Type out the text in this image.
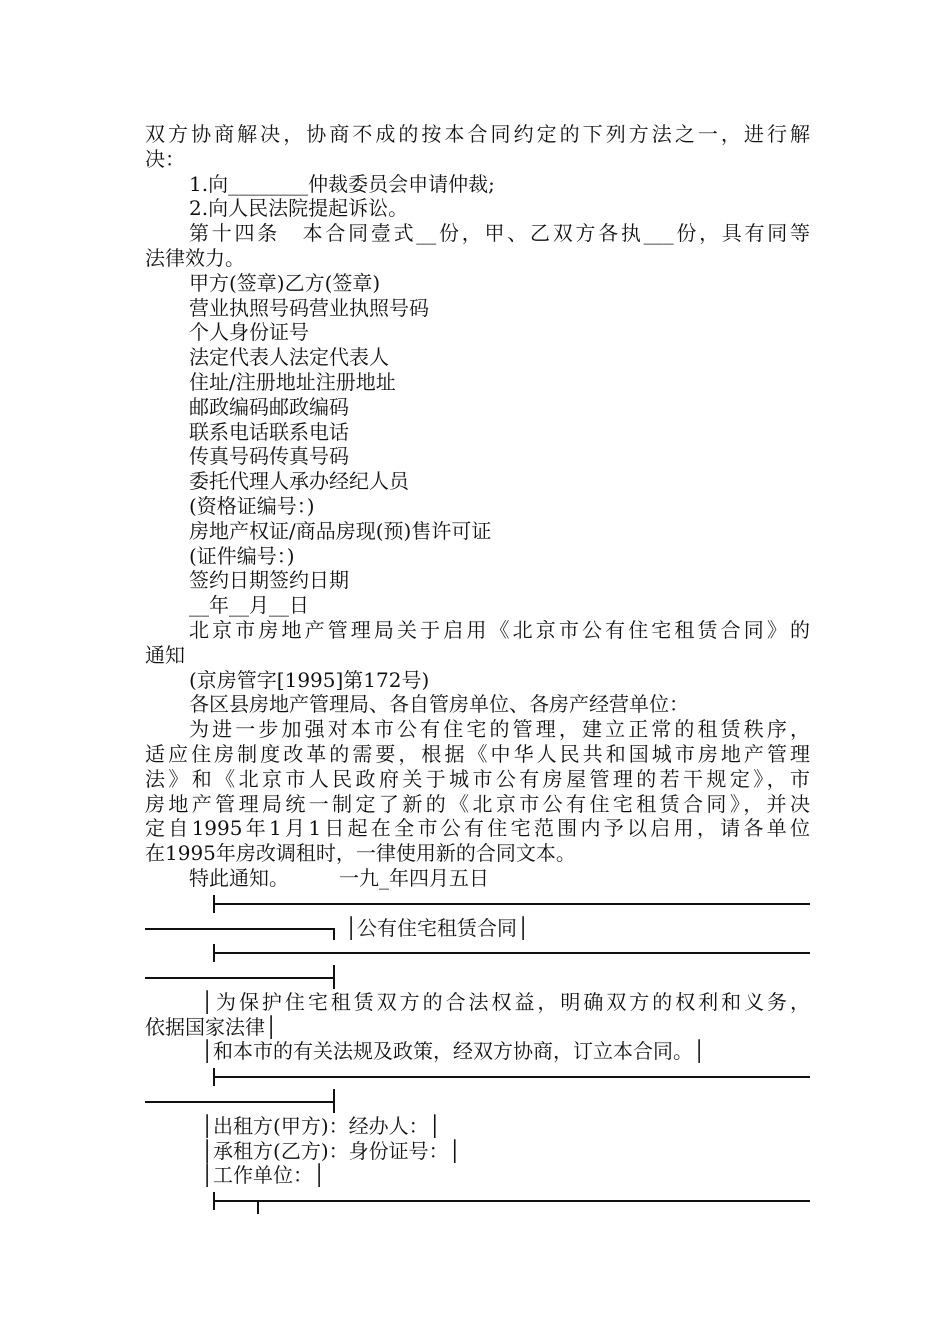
双方协商解决，协商不成的按本合同约定的下列方法之一，进行解
决：
1.向________仲裁委员会申请仲裁;
2.向人民法院提起诉讼。
第十四条　本合同壹式__份，甲、乙双方各执___份，具有同等
法律效力。
甲方(签章)乙方(签章)
营业执照号码营业执照号码
个人身份证号
法定代表人法定代表人
住址/注册地址注册地址
邮政编码邮政编码
联系电话联系电话
传真号码传真号码
委托代理人承办经纪人员
(资格证编号：)
房地产权证/商品房现(预)售许可证
(证件编号：)
签约日期签约日期
__年__月__日
北京市房地产管理局关于启用《北京市公有住宅租赁合同》的
通知
(京房管字[1995]第172号)
各区县房地产管理局、各自管房单位、各房产经营单位：
为进一步加强对本市公有住宅的管理，建立正常的租赁秩序，
适应住房制度改革的需要，根据《中华人民共和国城市房地产管理
法》和《北京市人民政府关于城市公有房屋管理的若干规定》，市
房地产管理局统一制定了新的《北京市公有住宅租赁合同》，并决
定自1995年1月1日起在全市公有住宅范围内予以启用，请各单位
在1995年房改调租时，一律使用新的合同文本。
特此通知。　　　一九_年四月五日
│公有住宅租赁合同│
│为保护住宅租赁双方的合法权益，明确双方的权利和义务，
依据国家法律│
│和本市的有关法规及政策，经双方协商，订立本合同。│
│出租方(甲方)：经办人：│
│承租方(乙方)：身份证号：│
│工作单位：│
